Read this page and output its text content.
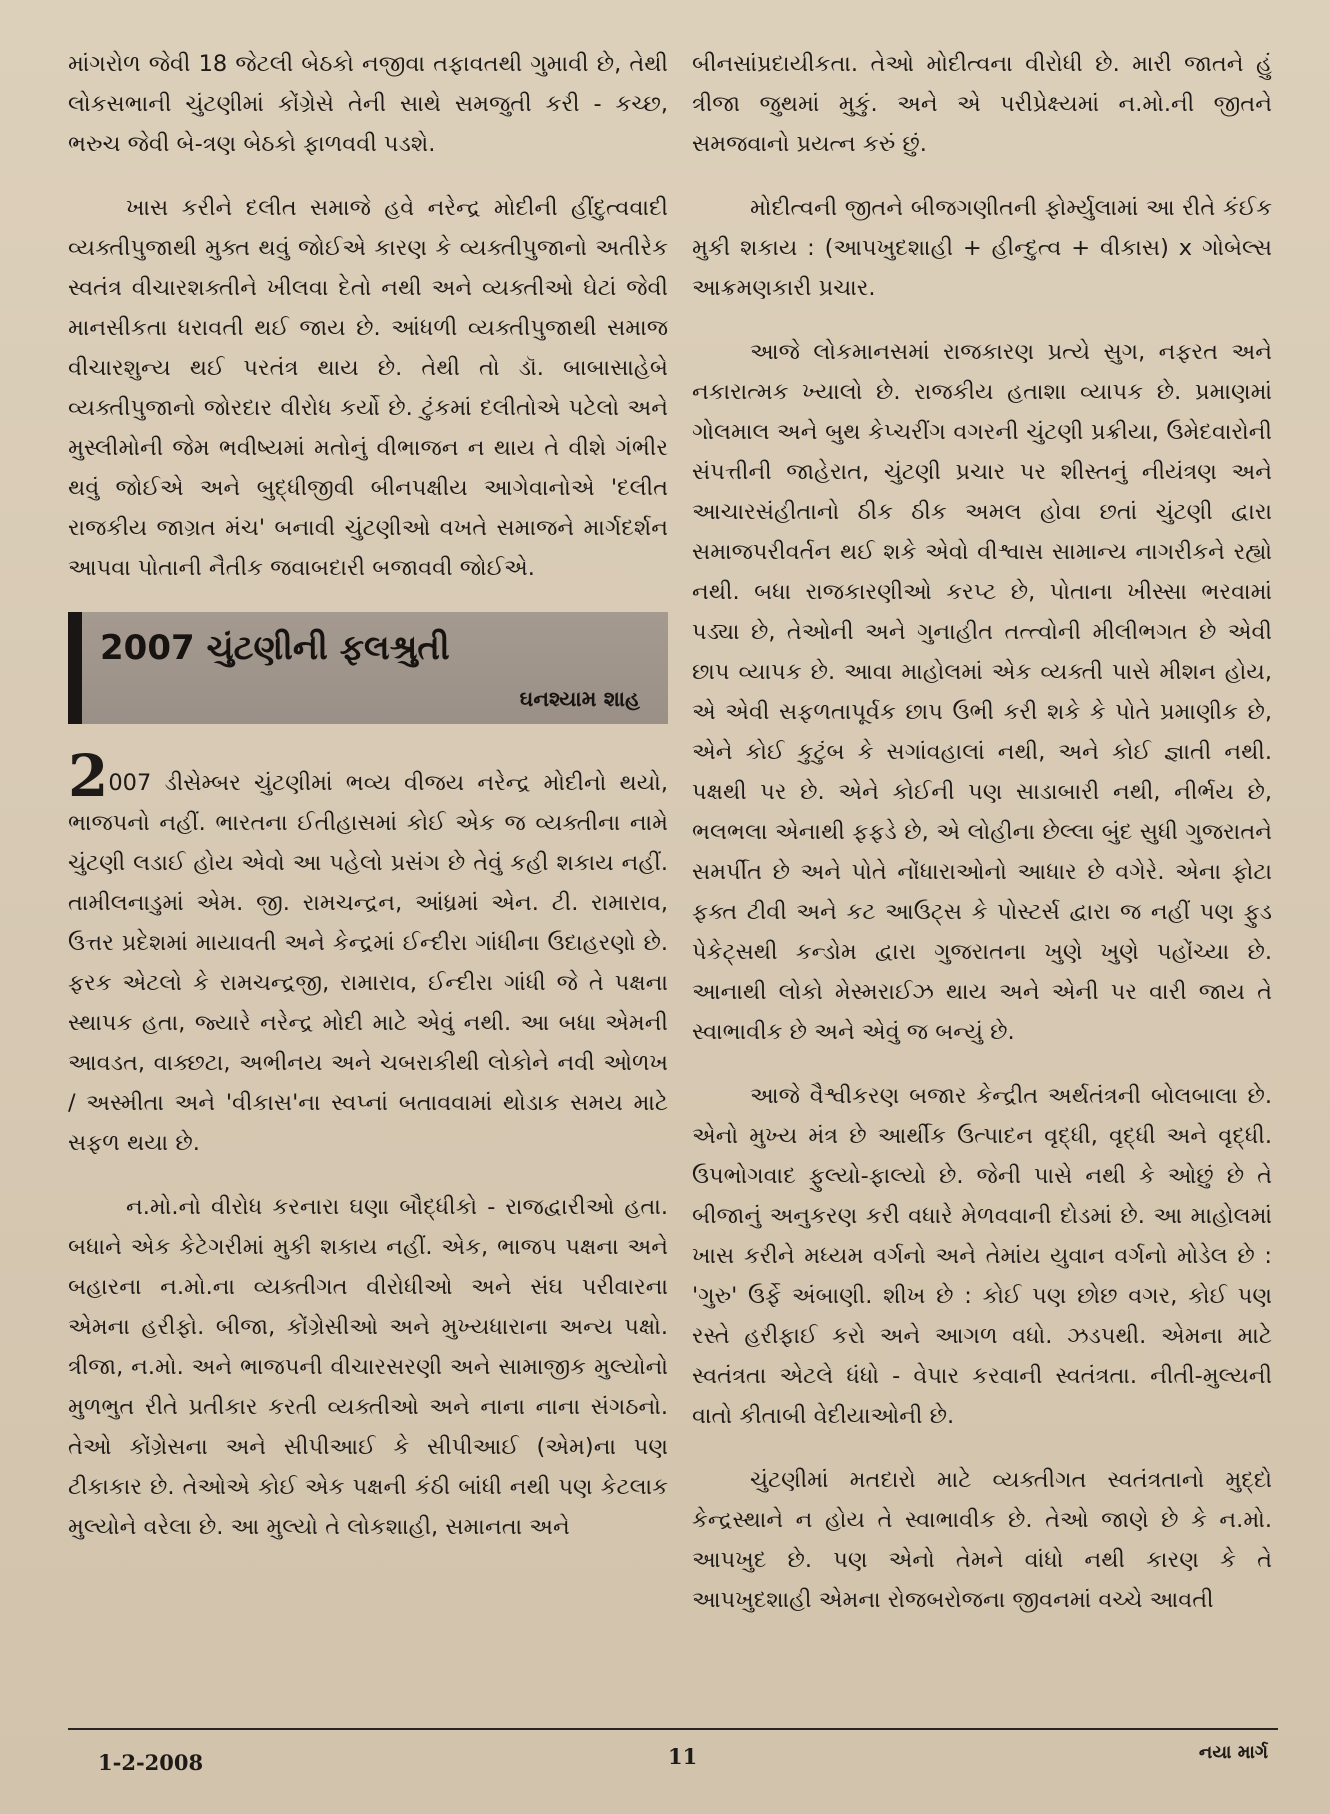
માંગરોળ જેવી 18 જેટલી બેઠકો નજીવા તફાવતથી ગુમાવી છે, તેથી લોકસભાની ચુંટણીમાં કોંગ્રેસે તેની સાથે સમજુતી કરી - કચ્છ, ભરુચ જેવી બે-ત્રણ બેઠકો ફાળવવી પડશે.

ખાસ કરીને દલીત સમાજે હવે નરેન્દ્ર મોદીની હીંદુત્વવાદી વ્યક્તીપુજાથી મુક્ત થવું જોઈએ કારણ કે વ્યક્તીપુજાનો અતીરેક સ્વતંત્ર વીચારશક્તીને ખીલવા દેતો નથી અને વ્યક્તીઓ ઘેટાં જેવી માનસીકતા ધરાવતી થઈ જાય છે. આંધળી વ્યક્તીપુજાથી સમાજ વીચારશુન્ય થઈ પરતંત્ર થાય છે. તેથી તો ડૉ. બાબાસાહેબે વ્યક્તીપુજાનો જોરદાર વીરોધ કર્યો છે. ટુંકમાં દલીતોએ પટેલો અને મુસ્લીમોની જેમ ભવીષ્યમાં મતોનું વીભાજન ન થાય તે વીશે ગંભીર થવું જોઈએ અને બુદ્ધીજીવી બીનપક્ષીય આગેવાનોએ 'દલીત રાજકીય જાગ્રત મંચ' બનાવી ચુંટણીઓ વખતે સમાજને માર્ગદર્શન આપવા પોતાની નૈતીક જવાબદારી બજાવવી જોઈએ.

2007 ચુંટણીની ફલશ્રુતી
ઘનશ્યામ શાહ

2007 ડીસેમ્બર ચુંટણીમાં ભવ્ય વીજય નરેન્દ્ર મોદીનો થયો, ભાજપનો નહીં. ભારતના ઈતીહાસમાં કોઈ એક જ વ્યક્તીના નામે ચુંટણી લડાઈ હોય એવો આ પહેલો પ્રસંગ છે તેવું કહી શકાય નહીં. તામીલનાડુમાં એમ. જી. રામચન્દ્રન, આંધ્રમાં એન. ટી. રામારાવ, ઉત્તર પ્રદેશમાં માયાવતી અને કેન્દ્રમાં ઈન્દીરા ગાંધીના ઉદાહરણો છે. ફરક એટલો કે રામચન્દ્રજી, રામારાવ, ઈન્દીરા ગાંધી જે તે પક્ષના સ્થાપક હતા, જ્યારે નરેન્દ્ર મોદી માટે એવું નથી. આ બધા એમની આવડત, વાક્છટા, અભીનય અને ચબરાકીથી લોકોને નવી ઓળખ / અસ્મીતા અને 'વીકાસ'ના સ્વપ્નાં બતાવવામાં થોડાક સમય માટે સફળ થયા છે.

ન.મો.નો વીરોધ કરનારા ઘણા બૌદ્ધીકો - રાજદ્વારીઓ હતા. બધાને એક કેટેગરીમાં મુકી શકાય નહીં. એક, ભાજપ પક્ષના અને બહારના ન.મો.ના વ્યક્તીગત વીરોધીઓ અને સંઘ પરીવારના એમના હરીફો. બીજા, કોંગ્રેસીઓ અને મુખ્યધારાના અન્ય પક્ષો. ત્રીજા, ન.મો. અને ભાજપની વીચારસરણી અને સામાજીક મુલ્યોનો મુળભુત રીતે પ્રતીકાર કરતી વ્યક્તીઓ અને નાના નાના સંગઠનો. તેઓ કોંગ્રેસના અને સીપીઆઈ કે સીપીઆઈ (એમ)ના પણ ટીકાકાર છે. તેઓએ કોઈ એક પક્ષની કંઠી બાંધી નથી પણ કેટલાક મુલ્યોને વરેલા છે. આ મુલ્યો તે લોકશાહી, સમાનતા અને

બીનસાંપ્રદાયીકતા. તેઓ મોદીત્વના વીરોધી છે. મારી જાતને હું ત્રીજા જુથમાં મુકું. અને એ પરીપ્રેક્ષ્યમાં ન.મો.ની જીતને સમજવાનો પ્રયત્ન કરું છું.

મોદીત્વની જીતને બીજગણીતની ફોર્મ્યુલામાં આ રીતે કંઈક મુકી શકાય : (આપખુદશાહી + હીન્દુત્વ + વીકાસ) x ગોબેલ્સ આક્રમણકારી પ્રચાર.

આજે લોકમાનસમાં રાજકારણ પ્રત્યે સુગ, નફરત અને નકારાત્મક ખ્યાલો છે. રાજકીય હતાશા વ્યાપક છે. પ્રમાણમાં ગોલમાલ અને બુથ કેપ્ચરીંગ વગરની ચુંટણી પ્રક્રીયા, ઉમેદવારોની સંપત્તીની જાહેરાત, ચુંટણી પ્રચાર પર શીસ્તનું નીયંત્રણ અને આચારસંહીતાનો ઠીક ઠીક અમલ હોવા છતાં ચુંટણી દ્વારા સમાજપરીવર્તન થઈ શકે એવો વીશ્વાસ સામાન્ય નાગરીકને રહ્યો નથી. બધા રાજકારણીઓ કરપ્ટ છે, પોતાના ખીસ્સા ભરવામાં પડ્યા છે, તેઓની અને ગુનાહીત તત્ત્વોની મીલીભગત છે એવી છાપ વ્યાપક છે. આવા માહોલમાં એક વ્યક્તી પાસે મીશન હોય, એ એવી સફળતાપૂર્વક છાપ ઉભી કરી શકે કે પોતે પ્રમાણીક છે, એને કોઈ કુટુંબ કે સગાંવહાલાં નથી, અને કોઈ જ્ઞાતી નથી. પક્ષથી પર છે. એને કોઈની પણ સાડાબારી નથી, નીર્ભય છે, ભલભલા એનાથી ફફડે છે, એ લોહીના છેલ્લા બુંદ સુધી ગુજરાતને સમર્પીત છે અને પોતે નોંધારાઓનો આધાર છે વગેરે. એના ફોટા ફક્ત ટીવી અને કટ આઉટ્સ કે પોસ્ટર્સ દ્વારા જ નહીં પણ ફુડ પેકેટ્સથી કન્ડોમ દ્વારા ગુજરાતના ખુણે ખુણે પહોંચ્યા છે. આનાથી લોકો મેસ્મરાઈઝ થાય અને એની પર વારી જાય તે સ્વાભાવીક છે અને એવું જ બન્યું છે.

આજે વૈશ્વીકરણ બજાર કેન્દ્રીત અર્થતંત્રની બોલબાલા છે. એનો મુખ્ય મંત્ર છે આર્થીક ઉત્પાદન વૃદ્ધી, વૃદ્ધી અને વૃદ્ધી. ઉપભોગવાદ ફુલ્યો-ફાલ્યો છે. જેની પાસે નથી કે ઓછું છે તે બીજાનું અનુકરણ કરી વધારે મેળવવાની દોડમાં છે. આ માહોલમાં ખાસ કરીને મધ્યમ વર્ગનો અને તેમાંય યુવાન વર્ગનો મોડેલ છે : 'ગુરુ' ઉર્ફે અંબાણી. શીખ છે : કોઈ પણ છોછ વગર, કોઈ પણ રસ્તે હરીફાઈ કરો અને આગળ વધો. ઝડપથી. એમના માટે સ્વતંત્રતા એટલે ધંધો - વેપાર કરવાની સ્વતંત્રતા. નીતી-મુલ્યની વાતો કીતાબી વેદીયાઓની છે.

ચુંટણીમાં મતદારો માટે વ્યક્તીગત સ્વતંત્રતાનો મુદ્દો કેન્દ્રસ્થાને ન હોય તે સ્વાભાવીક છે. તેઓ જાણે છે કે ન.મો. આપખુદ છે. પણ એનો તેમને વાંધો નથી કારણ કે તે આપખુદશાહી એમના રોજબરોજના જીવનમાં વચ્ચે આવતી

1-2-2008	11	નયા માર્ગ
